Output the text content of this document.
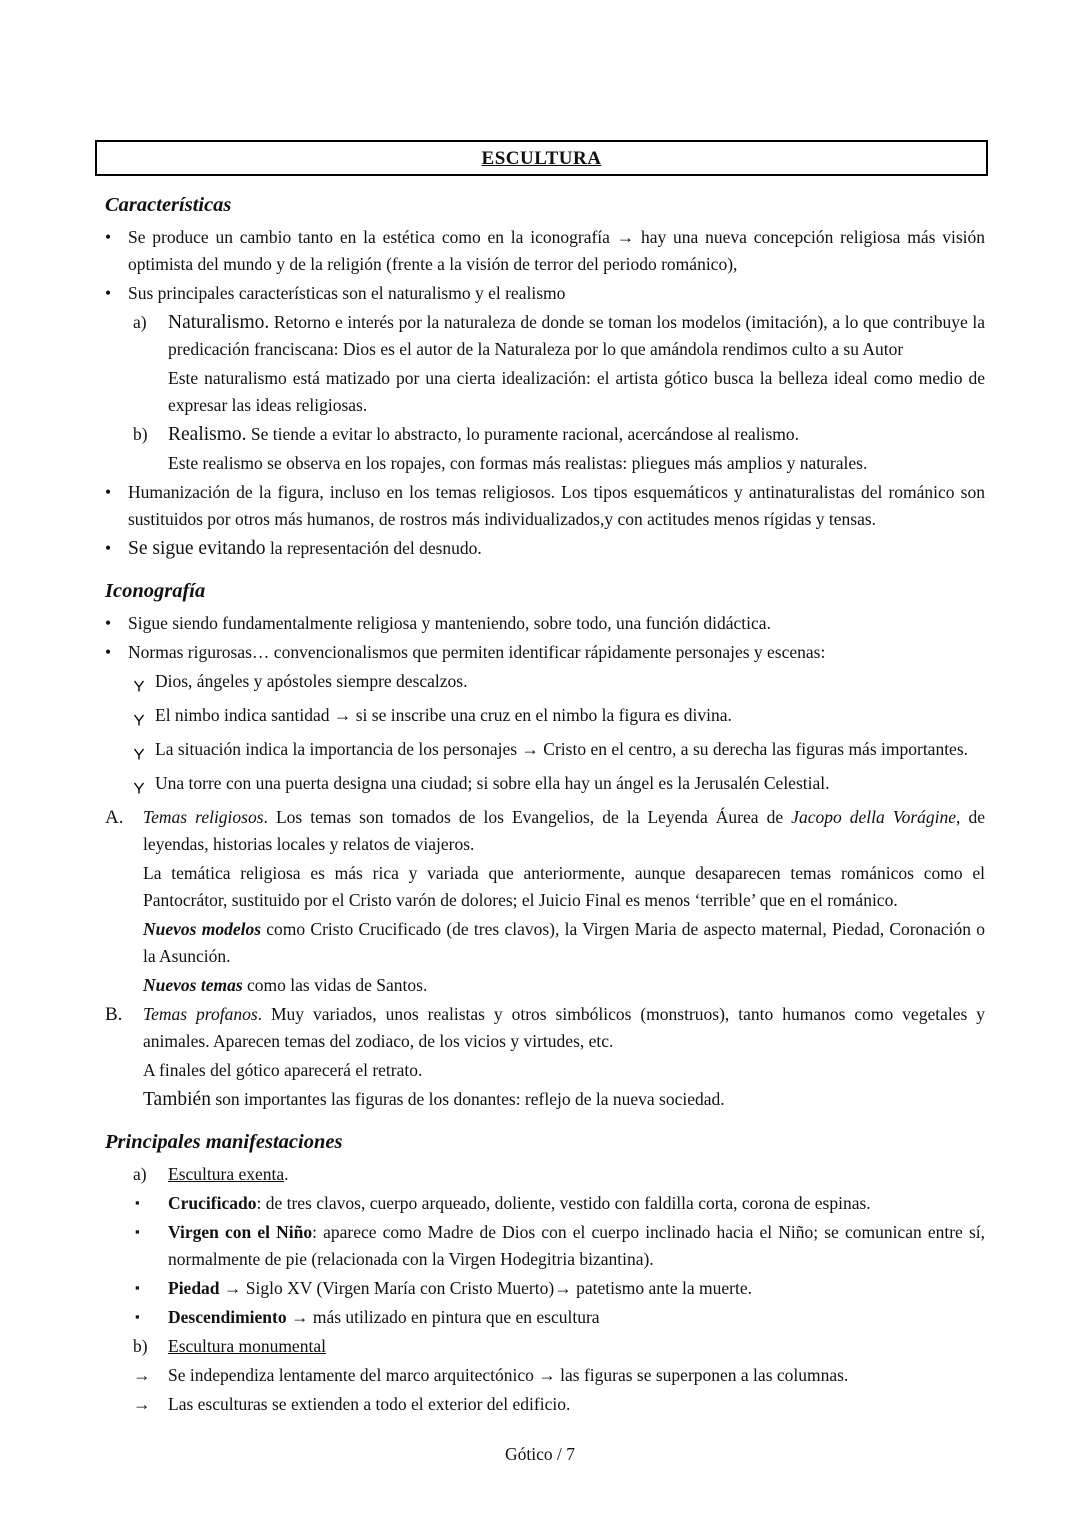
ESCULTURA
Características
• Se produce un cambio tanto en la estética como en la iconografía → hay una nueva concepción religiosa más visión optimista del mundo y de la religión (frente a la visión de terror del periodo románico),
• Sus principales características son el naturalismo y el realismo
a)	Naturalismo. Retorno e interés por la naturaleza de donde se toman los modelos (imitación), a lo que contribuye la predicación franciscana: Dios es el autor de la Naturaleza por lo que amándola rendimos culto a su Autor
Este naturalismo está matizado por una cierta idealización: el artista gótico busca la belleza ideal como medio de expresar las ideas religiosas.
b)	Realismo. Se tiende a evitar lo abstracto, lo puramente racional, acercándose al realismo.
Este realismo se observa en los ropajes, con formas más realistas: pliegues más amplios y naturales.
• Humanización de la figura, incluso en los temas religiosos. Los tipos esquemáticos y antinaturalistas del románico son sustituidos por otros más humanos, de rostros más individualizados,y con actitudes menos rígidas y tensas.
• Se sigue evitando la representación del desnudo.
Iconografía
• Sigue siendo fundamentalmente religiosa y manteniendo, sobre todo, una función didáctica.
• Normas rigurosas… convencionalismos que permiten identificar rápidamente personajes y escenas:
Dios, ángeles y apóstoles siempre descalzos.
El nimbo indica santidad → si se inscribe una cruz en el nimbo la figura es divina.
La situación indica la importancia de los personajes → Cristo en el centro, a su derecha las figuras más importantes.
Una torre con una puerta designa una ciudad; si sobre ella hay un ángel es la Jerusalén Celestial.
A.	Temas religiosos. Los temas son tomados de los Evangelios, de la Leyenda Áurea de Jacopo della Vorágine, de leyendas, historias locales y relatos de viajeros.
La temática religiosa es más rica y variada que anteriormente, aunque desaparecen temas románicos como el Pantocrátor, sustituido por el Cristo varón de dolores; el Juicio Final es menos ‘terrible’ que en el románico.
Nuevos modelos como Cristo Crucificado (de tres clavos), la Virgen Maria de aspecto maternal, Piedad, Coronación o la Asunción.
Nuevos temas como las vidas de Santos.
B.	Temas profanos. Muy variados, unos realistas y otros simbólicos (monstruos), tanto humanos como vegetales y animales. Aparecen temas del zodiaco, de los vicios y virtudes, etc.
A finales del gótico aparecerá el retrato.
También son importantes las figuras de los donantes: reflejo de la nueva sociedad.
Principales manifestaciones
a)	Escultura exenta.
▪	Crucificado: de tres clavos, cuerpo arqueado, doliente, vestido con faldilla corta, corona de espinas.
▪	Virgen con el Niño: aparece como Madre de Dios con el cuerpo inclinado hacia el Niño; se comunican entre sí, normalmente de pie (relacionada con la Virgen Hodegitria bizantina).
▪	Piedad → Siglo XV (Virgen María con Cristo Muerto)→ patetismo ante la muerte.
▪	Descendimiento → más utilizado en pintura que en escultura
b)	Escultura monumental
→	Se independiza lentamente del marco arquitectónico → las figuras se superponen a las columnas.
→	Las esculturas se extienden a todo el exterior del edificio.
Gótico / 7
